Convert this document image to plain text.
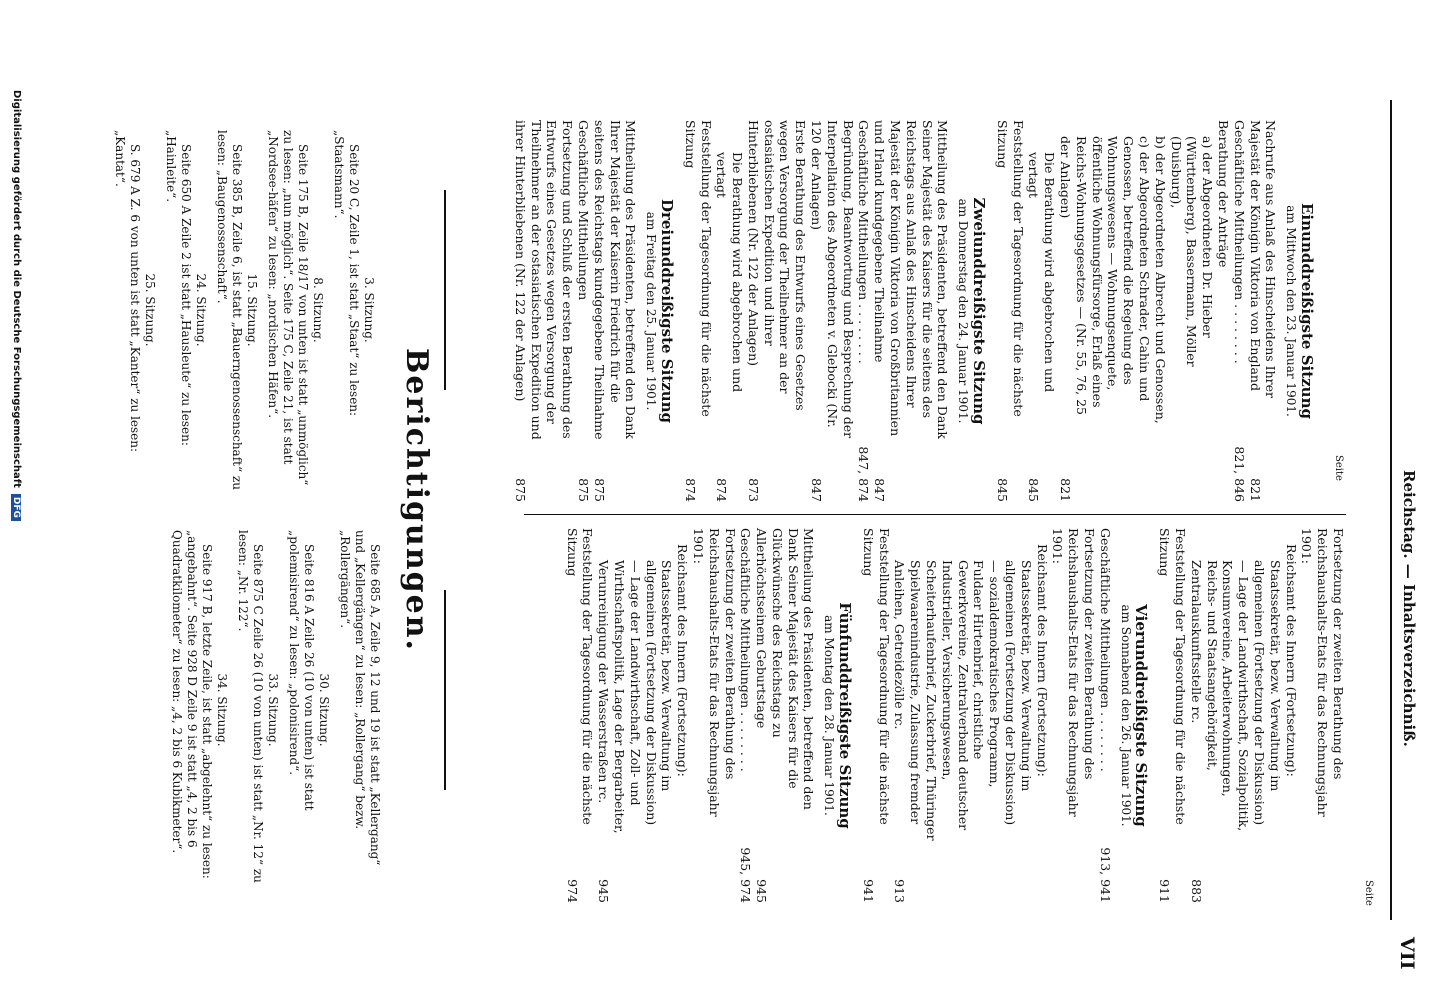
Reichstag. — Inhaltsverzeichniß.
VII
Seite
Seite
Einunddreißigste Sitzung
am Mittwoch den 23. Januar 1901.
Nachrufe aus Anlaß des Hinscheidens Ihrer Majestät der Königin Viktoria von England
821
Geschäftliche Mittheilungen . . . . . . . .
821, 846
Berathung der Anträge
a) der Abgeordneten Dr. Hieber (Württemberg), Bassermann, Möller (Duisburg),
b) der Abgeordneten Albrecht und Genossen,
c) der Abgeordneten Schrader, Cahin und Genossen, betreffend die Regelung des Wohnungswesens — Wohnungsenquete, öffentliche Wohnungsfürsorge, Erlaß eines Reichs-Wohnungsgesetzes — (Nr. 55, 76, 25 der Anlagen)
821
Die Berathung wird abgebrochen und vertagt
845
Feststellung der Tagesordnung für die nächste Sitzung
845
Zweiunddreißigste Sitzung
am Donnerstag den 24. Januar 1901.
Mittheilung des Präsidenten, betreffend den Dank Seiner Majestät des Kaisers für die seitens des Reichstags aus Anlaß des Hinscheidens Ihrer Majestät der Königin Viktoria von Großbritannien und Irland kundgegebene Theilnahme
847
Geschäftliche Mittheilungen . . . . . . . .
847, 874
Begründung, Beantwortung und Besprechung der Interpellation des Abgeordneten v. Glebocki (Nr. 120 der Anlagen)
847
Erste Berathung des Entwurfs eines Gesetzes wegen Versorgung der Theilnehmer an der ostasiatischen Expedition und ihrer Hinterbliebenen (Nr. 122 der Anlagen)
873
Die Berathung wird abgebrochen und vertagt
874
Feststellung der Tagesordnung für die nächste Sitzung
874
Dreiunddreißigste Sitzung
am Freitag den 25. Januar 1901.
Mittheilung des Präsidenten, betreffend den Dank Ihrer Majestät der Kaiserin Friedrich für die seitens des Reichstags kundgegebene Theilnahme
875
Geschäftliche Mittheilungen
875
Fortsetzung und Schluß der ersten Berathung des Entwurfs eines Gesetzes wegen Versorgung der Theilnehmer an der ostasiatischen Expedition und ihrer Hinterbliebenen (Nr. 122 der Anlagen)
875
Fortsetzung der zweiten Berathung des Reichshaushalts-Etats für das Rechnungsjahr 1901:
Reichsamt des Innern (Fortsetzung):
Staatssekretär, bezw. Verwaltung im allgemeinen (Fortsetzung der Diskussion) — Lage der Landwirthschaft, Sozialpolitik, Konsumvereine, Arbeiterwohnungen, Reichs- und Staatsangehörigkeit, Zentralauskunftsstelle rc.
883
Feststellung der Tagesordnung für die nächste Sitzung
911
Vierunddreißigste Sitzung
am Sonnabend den 26. Januar 1901.
Geschäftliche Mittheilungen . . . . . . . .
913, 941
Fortsetzung der zweiten Berathung des Reichshaushalts-Etats für das Rechnungsjahr 1901:
Reichsamt des Innern (Fortsetzung):
Staatssekretär, bezw. Verwaltung im allgemeinen (Fortsetzung der Diskussion) — sozialdemokratisches Programm, Fuldaer Hirtenbrief, christliche Gewerkvereine, Zentralverband deutscher Industrieller, Versicherungswesen, Scheiterhaufenbrief, Zuckerbrief, Thüringer Spielwaarenindustrie, Zulassung fremder Anleihen, Getreidezölle rc.
913
Feststellung der Tagesordnung für die nächste Sitzung
941
Fünfunddreißigste Sitzung
am Montag den 28. Januar 1901.
Mittheilung des Präsidenten, betreffend den Dank Seiner Majestät des Kaisers für die Glückwünsche des Reichstags zu Allerhöchstseinem Geburtstage
945
Geschäftliche Mittheilungen . . . . . . . .
945, 974
Fortsetzung der zweiten Berathung des Reichshaushalts-Etats für das Rechnungsjahr 1901:
Reichsamt des Innern (Fortsetzung):
Staatssekretär, bezw. Verwaltung im allgemeinen (Fortsetzung der Diskussion) — Lage der Landwirthschaft, Zoll- und Wirthschaftspolitik, Lage der Bergarbeiter, Verunreinigung der Wasserstraßen rc.
945
Feststellung der Tagesordnung für die nächste Sitzung
974
Berichtigungen.
3. Sitzung.
Seite 20 C, Zeile 1, ist statt „Staat“ zu lesen: „Staatsmann“.
8. Sitzung.
Seite 175 B, Zeile 18/17 von unten ist statt „unmöglich“ zu lesen: „nun möglich“. Seite 175 C, Zeile 21, ist statt „Nordsee-häfen“ zu lesen: „nordischen Häfen“.
15. Sitzung.
Seite 385 B, Zeile 6, ist statt „Bauerngenossenschaft“ zu lesen: „Baugenossenschaft“.
24. Sitzung.
Seite 650 A Zeile 2 ist statt „Hausleute“ zu lesen: „Hainleite“.
25. Sitzung.
S. 679 A Z. 6 von unten ist statt „Kanter“ zu lesen: „Kantat“.
Seite 685 A, Zeile 9, 12 und 19 ist statt „Kellergang“ und „Kellergängen“ zu lesen: „Rollergang“ bezw. „Rollergängen“.
30. Sitzung.
Seite 816 A Zeile 26 (10 von unten) ist statt „polemisirend“ zu lesen: „polonisirend“.
33. Sitzung.
Seite 875 C Zeile 26 (10 von unten) ist statt „Nr. 12“ zu lesen: „Nr. 122“.
34. Sitzung.
Seite 917 B, letzte Zeile, ist statt „abgelehnt“ zu lesen: „angebahnt“. Seite 928 D Zeile 9 ist statt „4, 2 bis 6 Quadratkilometer“ zu lesen: „4, 2 bis 6 Kubikmeter“.
Digitalisierung gefördert durch die Deutsche ForschungsgemeinschaftDFG
